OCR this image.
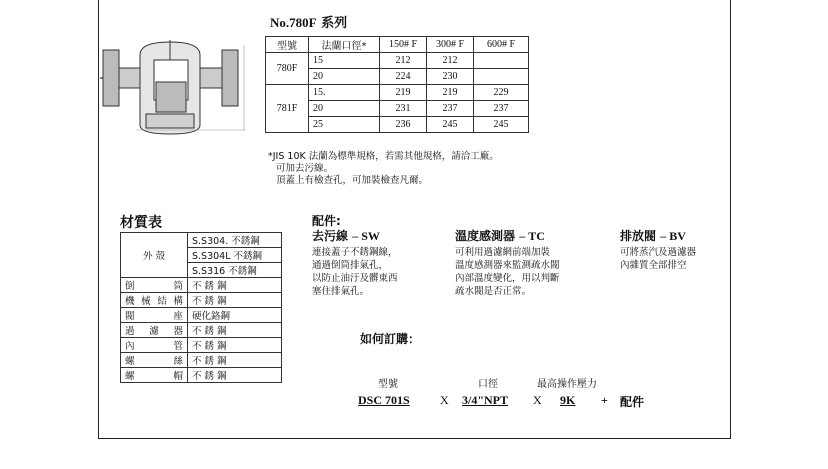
No.780F 系列
型號	法蘭口徑*	150# F	300# F	600# F
780F	15	212	212	
	20	224	230	
781F	15.	219	219	229
	20	231	237	237
	25	236	245	245
*JIS 10K 法蘭為標準規格，若需其他規格，請洽工廠。
可加去污線。
頂蓋上有檢查孔，可加裝檢查凡爾。
材質表
外 殼	S.S304. 不銹鋼
	S.S304L 不銹鋼
	S.S316 不銹鋼
倒筒	不 銹 鋼
機械結構	不 銹 鋼
閥座	硬化鉻鋼
過濾器	不 銹 鋼
內管	不 銹 鋼
螺絲	不 銹 鋼
螺帽	不 銹 鋼
配件:
去污線 – SW
連接蓋子不銹鋼線，
通過倒筒排氣孔，
以防止油汙及髒東西
塞住排氣孔。
溫度感測器 – TC
可利用過濾網前端加裝
溫度感測器來監測疏水閥
內部溫度變化，用以判斷
疏水閥是否正常。
排放閥 – BV
可將蒸汽及過濾器
內雜質全部排空
如何訂購：
型號	口徑	最高操作壓力
DSC 701S	X 3/4"NPT X 9K + 配件
